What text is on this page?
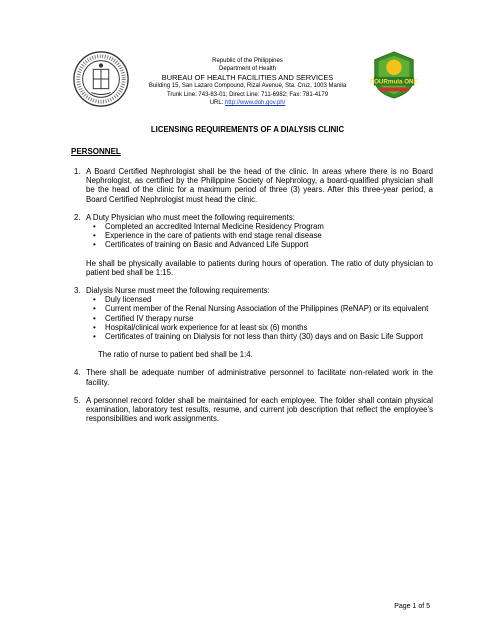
FOURmula ONE
Republic of the Philippines
Department of Health
BUREAU OF HEALTH FACILITIES AND SERVICES
Building 15, San Lazaro Compound, Rizal Avenue, Sta. Cruz, 1003 Manila
Trunk Line: 743-83-01; Direct Line: 711-6982; Fax: 781-4179
URL: http://www.doh.gov.ph/
LICENSING REQUIREMENTS OF A DIALYSIS CLINIC
PERSONNEL
1. A Board Certified Nephrologist shall be the head of the clinic. In areas where there is no Board Nephrologist, as certified by the Philippine Society of Nephrology, a board-qualified physician shall be the head of the clinic for a maximum period of three (3) years. After this three-year period, a Board Certified Nephrologist must head the clinic.
2. A Duty Physician who must meet the following requirements:
• Completed an accredited Internal Medicine Residency Program
• Experience in the care of patients with end stage renal disease
• Certificates of training on Basic and Advanced Life Support
He shall be physically available to patients during hours of operation. The ratio of duty physician to patient bed shall be 1:15.
3. Dialysis Nurse must meet the following requirements:
• Duly licensed
• Current member of the Renal Nursing Association of the Philippines (ReNAP) or its equivalent
• Certified IV therapy nurse
• Hospital/clinical work experience for at least six (6) months
• Certificates of training on Dialysis for not less than thirty (30) days and on Basic Life Support
The ratio of nurse to patient bed shall be 1:4.
4. There shall be adequate number of administrative personnel to facilitate non-related work in the facility.
5. A personnel record folder shall be maintained for each employee. The folder shall contain physical examination, laboratory test results, resume, and current job description that reflect the employee’s responsibilities and work assignments.
Page 1 of 5
